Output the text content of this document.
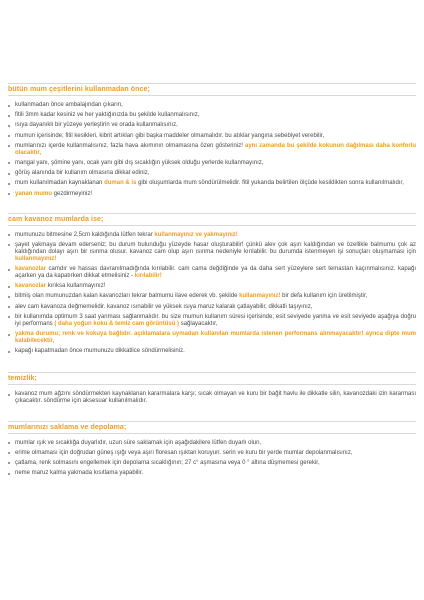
bütün mum çeşitlerini kullanmadan önce;
kullanmadan önce ambalajından çıkarın,
fitili 3mm kadar kesiniz ve her yaktığınızda bu şekilde kullanmalısınız,
ısıya dayanıklı bir yüzeye yerleştirin ve orada kullanmalısınız,
mumun içerisinde; fitil kesikleri, kibrit artıkları gibi başka maddeler olmamalıdır. bu atıklar yangına sebebiyet verebilir,
mumlarınızı içerde kullanmalısınız. fazla hava akımının olmamasına özen gösteriniz! aynı zamanda bu şekilde kokunun dağılması daha konforlu olacaktır,
mangal yanı, şömine yanı, ocak yanı gibi dış sıcaklığın yüksek olduğu yerlerde kullanmayınız,
görüş alanında bir kullanım olmasına dikkat ediniz,
mum kullanılmadan kaynaklanan duman & is gibi oluşumlarda mum söndürülmelidir. fitil yukarıda belirtilen ölçüde kesildikten sonra kullanılmalıdır,
yanan mumu gezdirmeyiniz!
cam kavanoz mumlarda ise;
mumunuzu bitmesine 2,5cm kaldığında lütfen tekrar kullanmayınız ve yakmayınız!
şayet yakmaya devam ederseniz; bu durum bulunduğu yüzeyde hasar oluşturabilir! çünkü alev çok aşırı kaldığından ve özellikle balmumu çok az kaldığından dolayı aşırı bir ısınma olusur. kavanoz cam olup aşırı ısınma nedeniyle kırılabilir. bu durumda istenmeyen işi sonuçları oluşmaması için kullanmayınız!
kavanozlar camdır ve hassas davranılmadığında kırılabilir. cam cama değdiğinde ya da daha sert yüzeylere sert temastan kaçınmalısınız. kapağı açarken ya da kapatırken dikkat etmelisiniz - kırılabilir!
kavanozlar kırıksa kullanmayınız!
bitmiş olan mumunuzdan kalan kavanozları tekrar balmumu ilave ederek vb. şekilde kullanmayınız! bir defa kullanım için üretilmiştir,
alev cam kavanoza değmemelidir. kavanoz ısınabilir ve yüksek ısıya maruz kalarak çatlayabilir, dikkatli taşıyınız,
bir kullanımda optimum 3 saat yanması sağlanmalıdır. bu size mumun kullanım süresi içerisinde; esit seviyede yanma ve esit seviyede aşağıya doğru iyi performans ( daha yoğun koku & temiz cam görüntüsü ) sağlayacaktır,
yakma durumu; renk ve kokuya bağlıdır. açıklamalara uymadan kullanılan mumlarda istenen performans alınmayacaktır! ayrıca dipte mum kalabilecektir,
kapağı kapatmadan önce mumunuzu dikkatlice söndürmelisiniz.
temizlik;
kavanoz mum ağzını söndürmekten kaynaklanan kararmalara karşı; sıcak olmayan ve kuru bir bağit havlu ile dikkatle silin, kavanozdaki izin kararması çıkacaktır. söndürme için aksesuar kullanılmalıdır.
mumlarınızı saklama ve depolama;
mumlar ışık ve sıcaklığa duyarlıdır, uzun süre saklamak için aşağıdakilere lütfen duyarlı olun,
erime olmaması için doğrudan güneş ışığı veya aşırı floresan ışıktan koruyun. serin ve kuru bir yerde mumlar depolanmalısınız,
çatlama, renk solmasını engellemek için depolama sıcaklığının; 27 c° aşmasına veya 0 ° altına düşmemesi gerekir,
neme maruz kalma yakmada kısıtlama yapabilir.
